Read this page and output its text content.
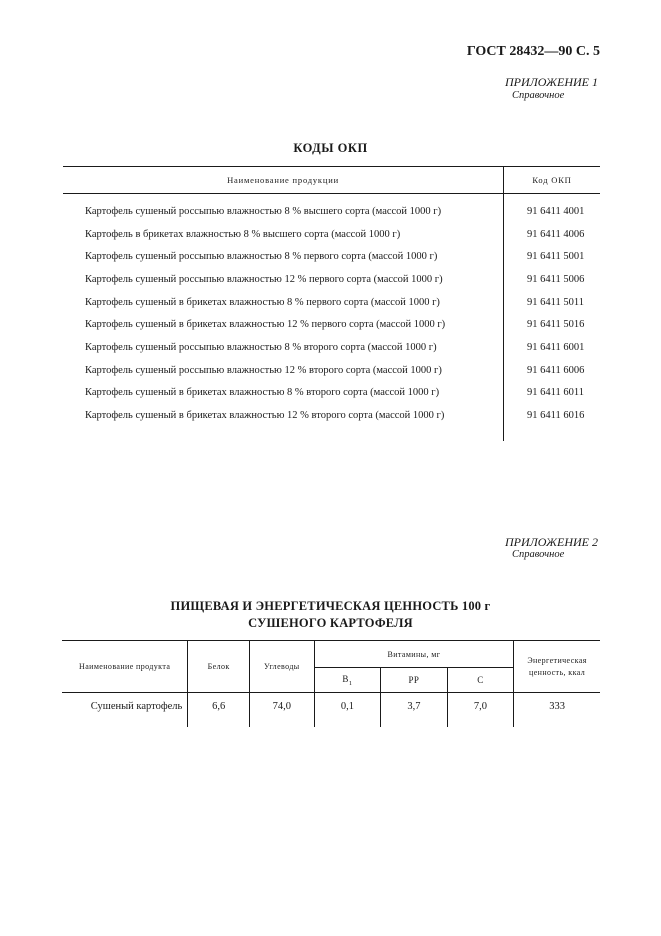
ГОСТ 28432—90 С. 5
ПРИЛОЖЕНИЕ 1
Справочное
КОДЫ ОКП
Наименование продукции	Код ОКП

Картофель сушеный россыпью влажностью 8 % высшего сорта (массой 1000 г)	91 6411 4001
Картофель в брикетах влажностью 8 % высшего сорта (массой 1000 г)	91 6411 4006
Картофель сушеный россыпью влажностью 8 % первого сорта (массой 1000 г)	91 6411 5001
Картофель сушеный россыпью влажностью 12 % первого сорта (массой 1000 г)	91 6411 5006
Картофель сушеный в брикетах влажностью 8 % первого сорта (массой 1000 г)	91 6411 5011
Картофель сушеный в брикетах влажностью 12 % первого сорта (массой 1000 г)	91 6411 5016
Картофель сушеный россыпью влажностью 8 % второго сорта (массой 1000 г)	91 6411 6001
Картофель сушеный россыпью влажностью 12 % второго сорта (массой 1000 г)	91 6411 6006
Картофель сушеный в брикетах влажностью 8 % второго сорта (массой 1000 г)	91 6411 6011
Картофель сушеный в брикетах влажностью 12 % второго сорта (массой 1000 г)	91 6411 6016

ПРИЛОЖЕНИЕ 2
Справочное
ПИЩЕВАЯ И ЭНЕРГЕТИЧЕСКАЯ ЦЕННОСТЬ 100 г
СУШЕНОГО КАРТОФЕЛЯ
Наименование продукта	Белок	Углеводы	Витамины, мг			Энергетическая
ценность, ккал

			$В_1$	РР	С	
Сушеный картофель	6,6	74,0	0,1	3,7	7,0	333
